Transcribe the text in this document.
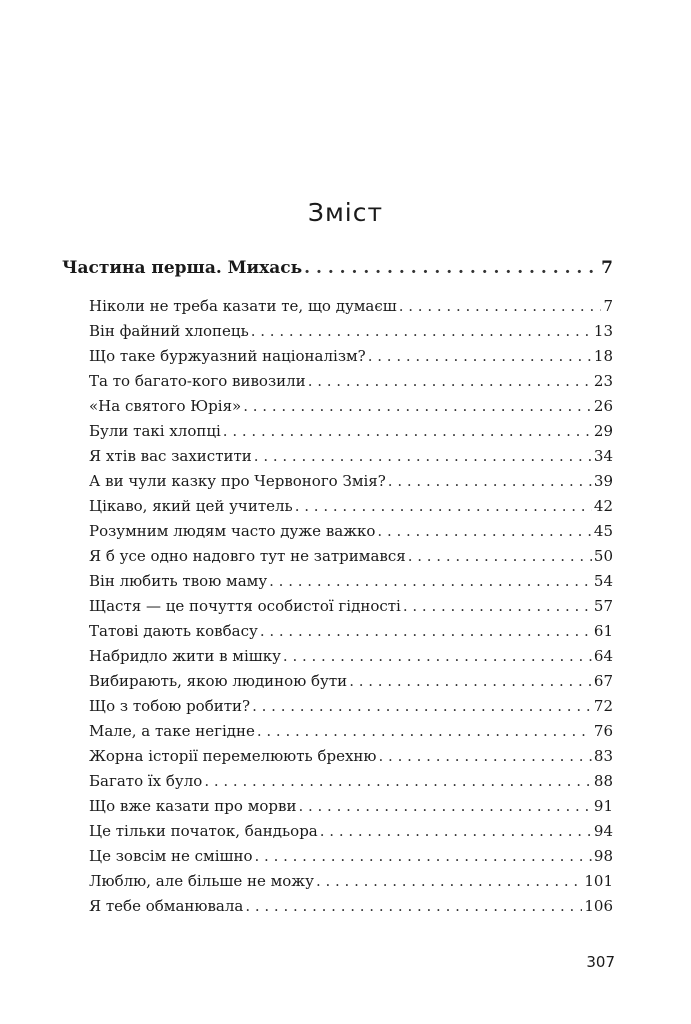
Зміст
Частина перша. Михась . . .	7
Ніколи не треба казати те, що думаєш . . .	7
Він файний хлопець . . .	13
Що таке буржуазний націоналізм? . . .	18
Та то багато-кого вивозили . . .	23
«На святого Юрія» . . .	26
Були такі хлопці . . .	29
Я хтів вас захистити . . .	34
А ви чули казку про Червоного Змія? . . .	39
Цікаво, який цей учитель . . .	42
Розумним людям часто дуже важко . . .	45
Я б усе одно надовго тут не затримався . . .	50
Він любить твою маму . . .	54
Щастя — це почуття особистої гідності . . .	57
Татові дають ковбасу . . .	61
Набридло жити в мішку . . .	64
Вибирають, якою людиною бути . . .	67
Що з тобою робити? . . .	72
Мале, а таке негідне . . .	76
Жорна історії перемелюють брехню . . .	83
Багато їх було . . .	88
Що вже казати про морви . . .	91
Це тільки початок, бандьора . . .	94
Це зовсім не смішно . . .	98
Люблю, але більше не можу . . .	101
Я тебе обманювала . . .	106
307
